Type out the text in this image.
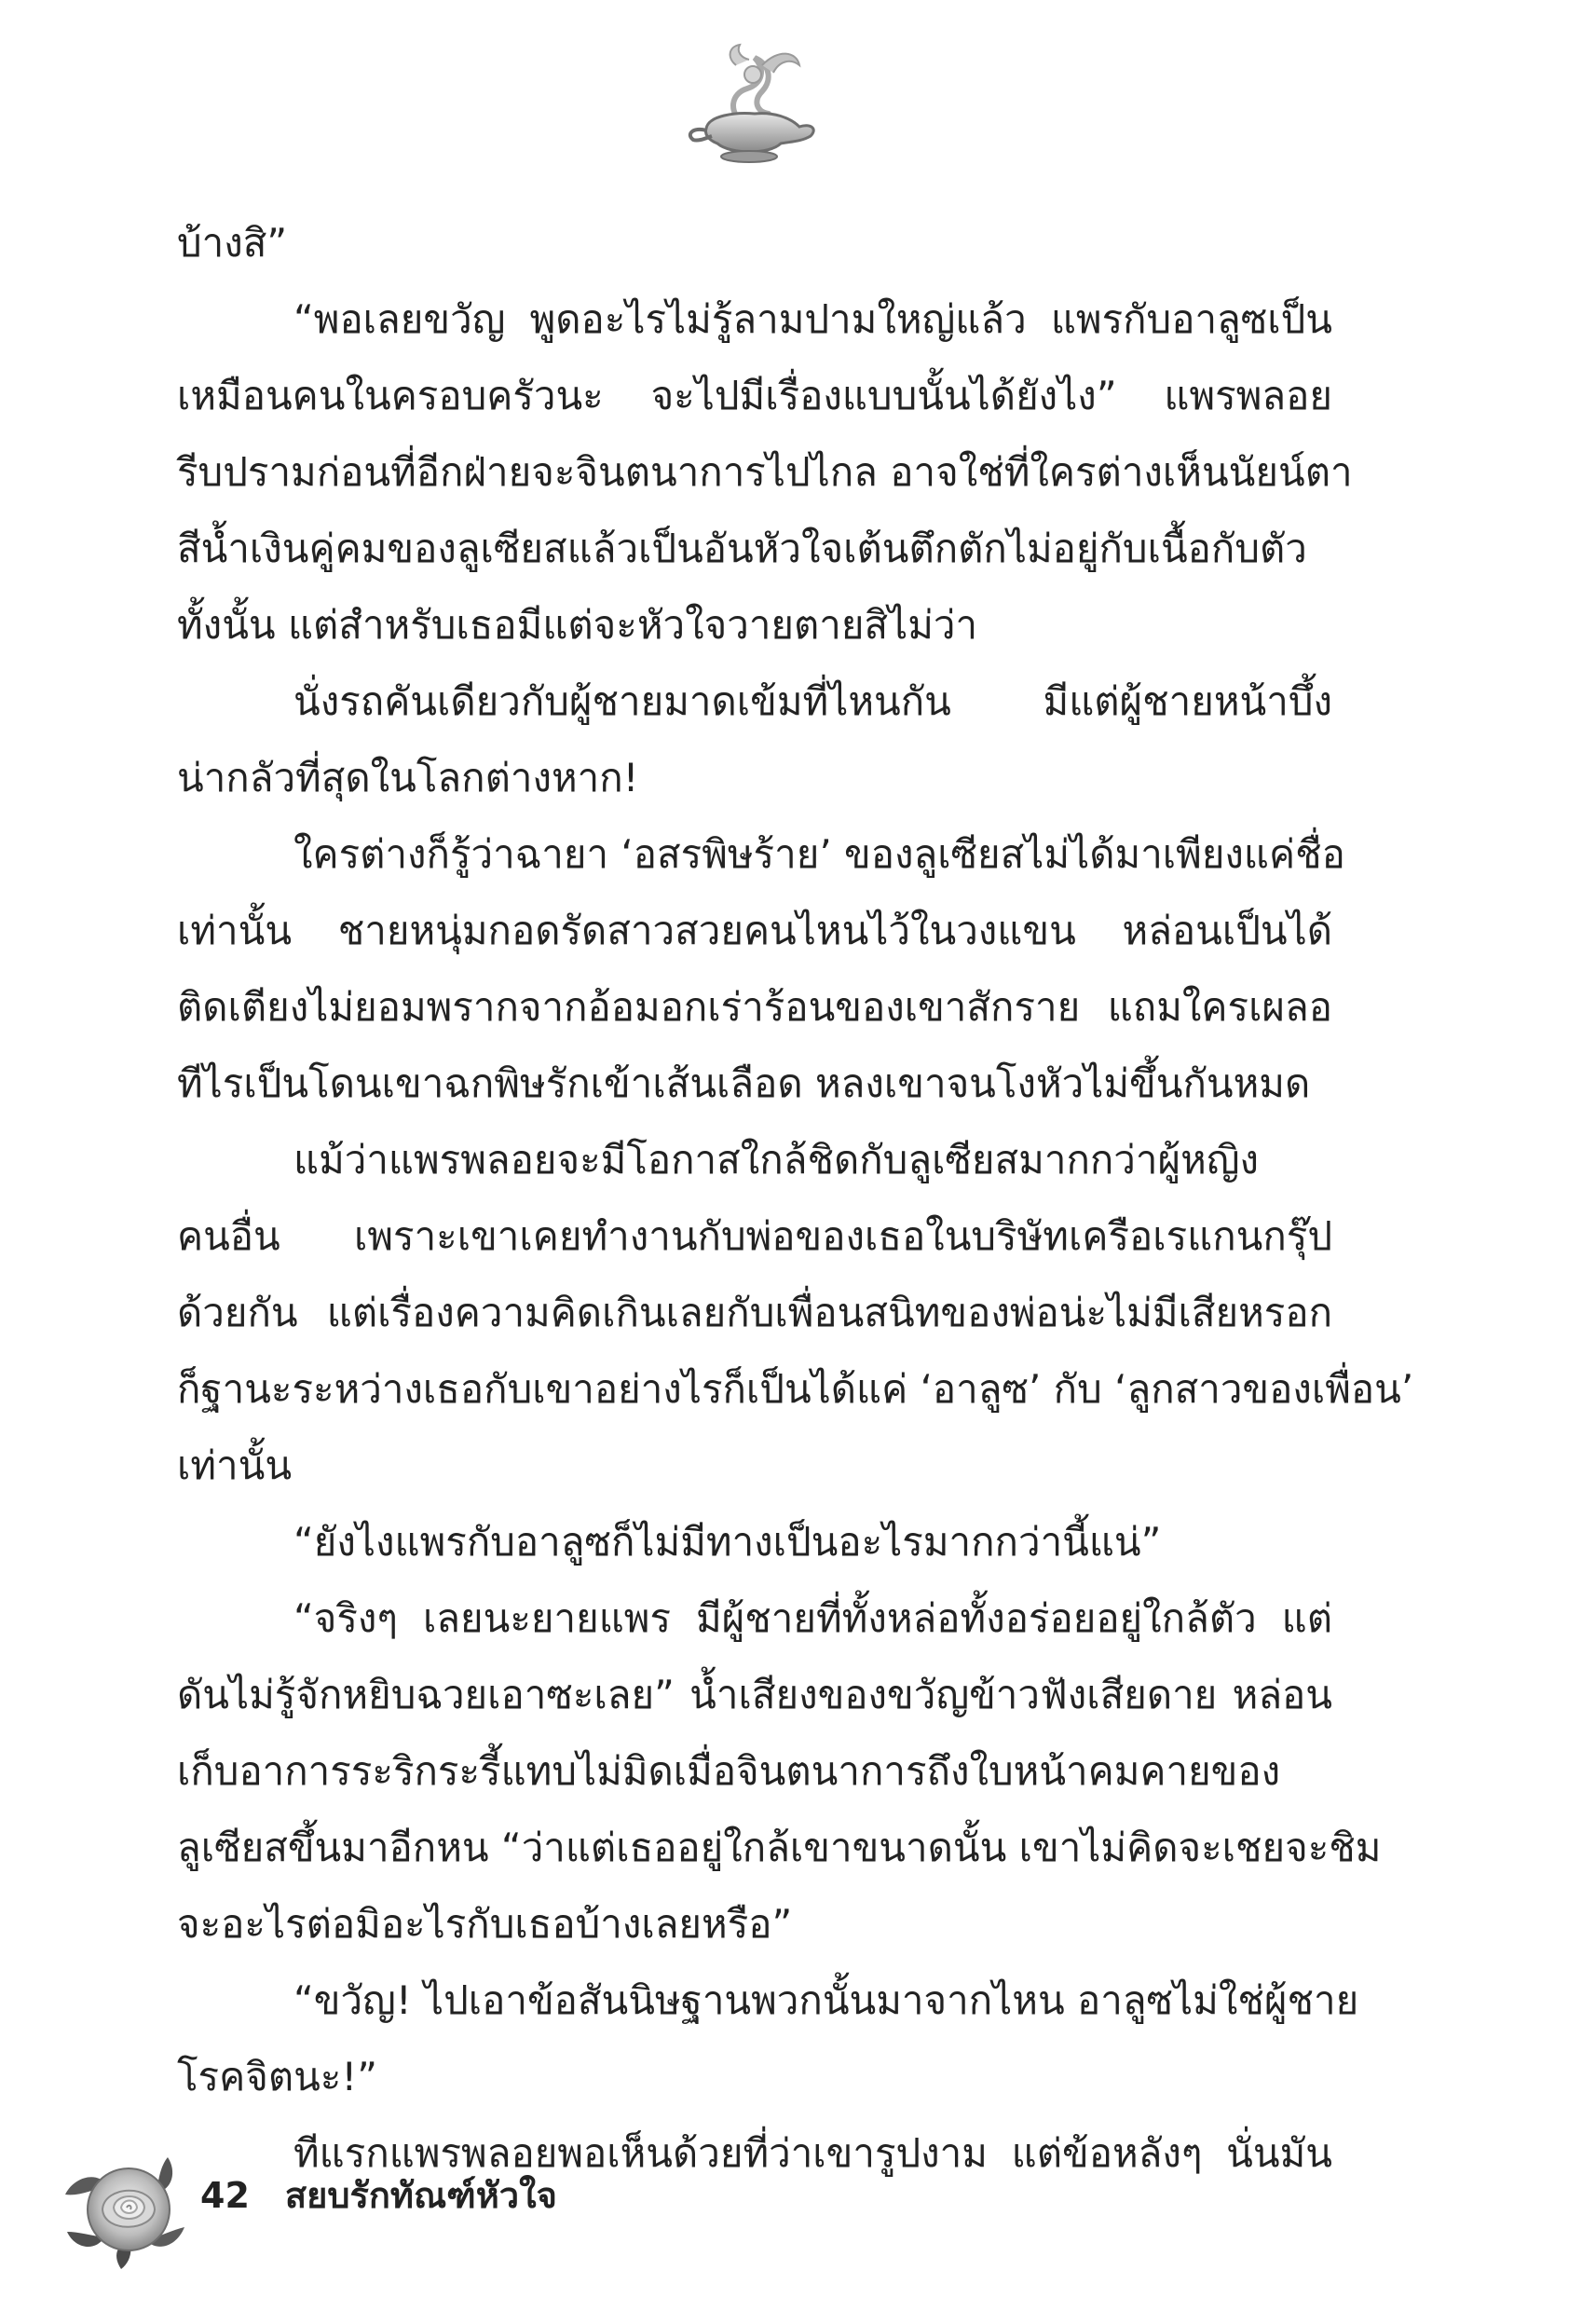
บ้างสิ”
“พอเลยขวัญ พูดอะไรไม่รู้ลามปามใหญ่แล้ว แพรกับอาลูซเป็น
เหมือนคนในครอบครัวนะ จะไปมีเรื่องแบบนั้นได้ยังไง” แพรพลอย
รีบปรามก่อนที่อีกฝ่ายจะจินตนาการไปไกล อาจใช่ที่ใครต่างเห็นนัยน์ตา
สีน้ำเงินคู่คมของลูเซียสแล้วเป็นอันหัวใจเต้นตึกตักไม่อยู่กับเนื้อกับตัว
ทั้งนั้น แต่สำหรับเธอมีแต่จะหัวใจวายตายสิไม่ว่า
นั่งรถคันเดียวกับผู้ชายมาดเข้มที่ไหนกัน มีแต่ผู้ชายหน้าบึ้ง
น่ากลัวที่สุดในโลกต่างหาก!
ใครต่างก็รู้ว่าฉายา ‘อสรพิษร้าย’ ของลูเซียสไม่ได้มาเพียงแค่ชื่อ
เท่านั้น ชายหนุ่มกอดรัดสาวสวยคนไหนไว้ในวงแขน หล่อนเป็นได้
ติดเตียงไม่ยอมพรากจากอ้อมอกเร่าร้อนของเขาสักราย แถมใครเผลอ
ทีไรเป็นโดนเขาฉกพิษรักเข้าเส้นเลือด หลงเขาจนโงหัวไม่ขึ้นกันหมด
แม้ว่าแพรพลอยจะมีโอกาสใกล้ชิดกับลูเซียสมากกว่าผู้หญิง
คนอื่น เพราะเขาเคยทำงานกับพ่อของเธอในบริษัทเครือเรแกนกรุ๊ป
ด้วยกัน แต่เรื่องความคิดเกินเลยกับเพื่อนสนิทของพ่อน่ะไม่มีเสียหรอก
ก็ฐานะระหว่างเธอกับเขาอย่างไรก็เป็นได้แค่ ‘อาลูซ’ กับ ‘ลูกสาวของเพื่อน’
เท่านั้น
“ยังไงแพรกับอาลูซก็ไม่มีทางเป็นอะไรมากกว่านี้แน่”
“จริงๆ เลยนะยายแพร มีผู้ชายที่ทั้งหล่อทั้งอร่อยอยู่ใกล้ตัว แต่
ดันไม่รู้จักหยิบฉวยเอาซะเลย” น้ำเสียงของขวัญข้าวฟังเสียดาย หล่อน
เก็บอาการระริกระรี้แทบไม่มิดเมื่อจินตนาการถึงใบหน้าคมคายของ
ลูเซียสขึ้นมาอีกหน “ว่าแต่เธออยู่ใกล้เขาขนาดนั้น เขาไม่คิดจะเชยจะชิม
จะอะไรต่อมิอะไรกับเธอบ้างเลยหรือ”
“ขวัญ! ไปเอาข้อสันนิษฐานพวกนั้นมาจากไหน อาลูซไม่ใช่ผู้ชาย
โรคจิตนะ!”
ทีแรกแพรพลอยพอเห็นด้วยที่ว่าเขารูปงาม แต่ข้อหลังๆ นั่นมัน
42 สยบรักทัณฑ์หัวใจ
